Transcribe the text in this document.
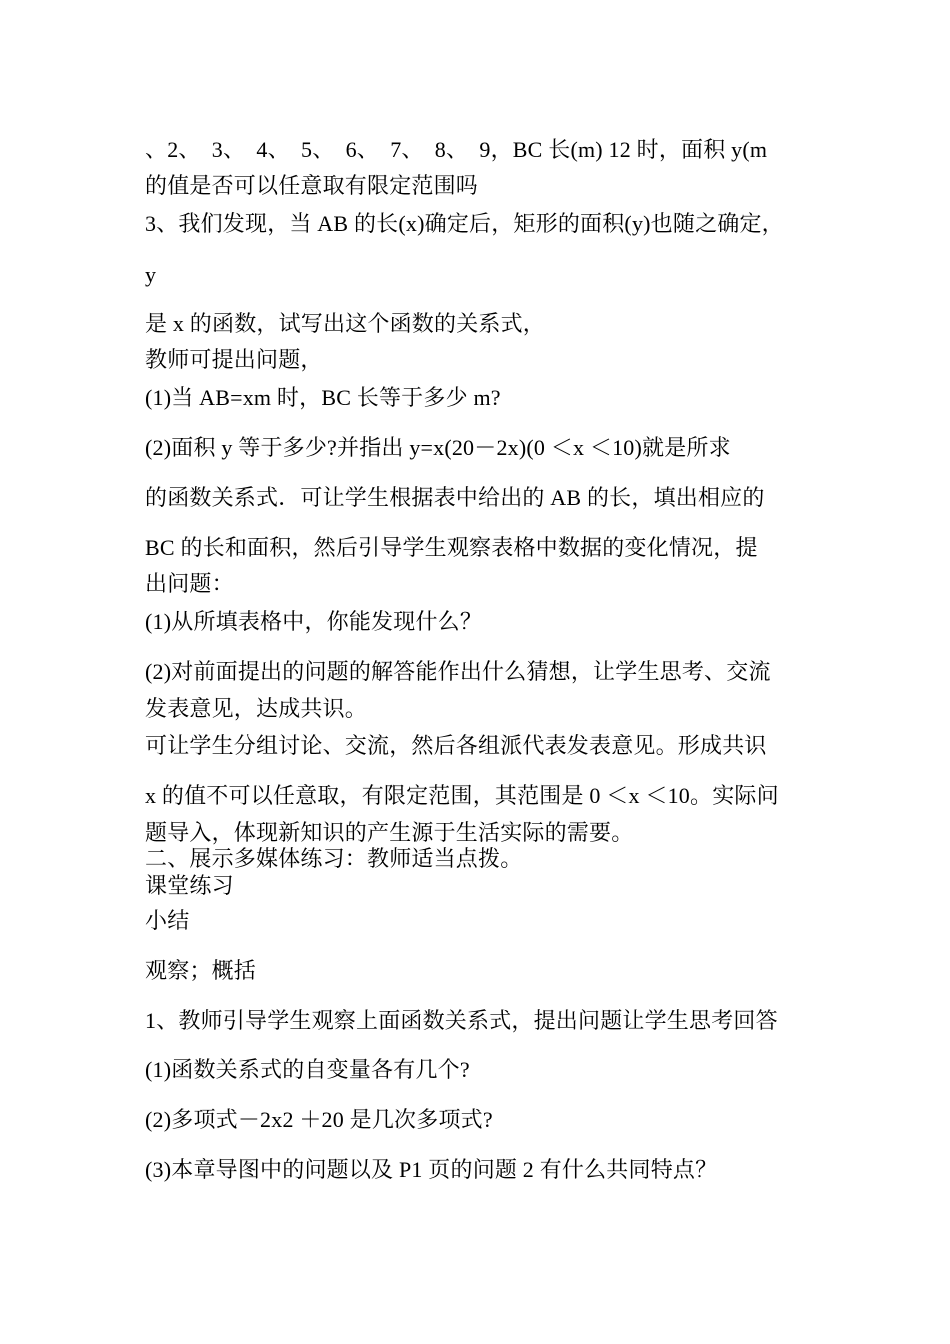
、2、　3、　4、　5、　6、　7、　8、　9，BC 长(m) 12 时，面积 y(m
的值是否可以任意取有限定范围吗
3、我们发现，当 AB 的长(x)确定后，矩形的面积(y)也随之确定，
y
是 x 的函数，试写出这个函数的关系式，
教师可提出问题，
(1)当 AB=xm 时，BC 长等于多少 m?
(2)面积 y 等于多少?并指出 y=x(20－2x)(0 ＜x ＜10)就是所求
的函数关系式．可让学生根据表中给出的 AB 的长，填出相应的
BC 的长和面积，然后引导学生观察表格中数据的变化情况，提
出问题：
(1)从所填表格中，你能发现什么？
(2)对前面提出的问题的解答能作出什么猜想，让学生思考、交流
发表意见，达成共识。
可让学生分组讨论、交流，然后各组派代表发表意见。形成共识
x 的值不可以任意取，有限定范围，其范围是 0 ＜x ＜10。实际问
题导入，体现新知识的产生源于生活实际的需要。
二、展示多媒体练习：教师适当点拨。
课堂练习
小结
观察；概括
1、教师引导学生观察上面函数关系式，提出问题让学生思考回答
(1)函数关系式的自变量各有几个?
(2)多项式－2x2 ＋20 是几次多项式?
(3)本章导图中的问题以及 P1 页的问题 2 有什么共同特点？
